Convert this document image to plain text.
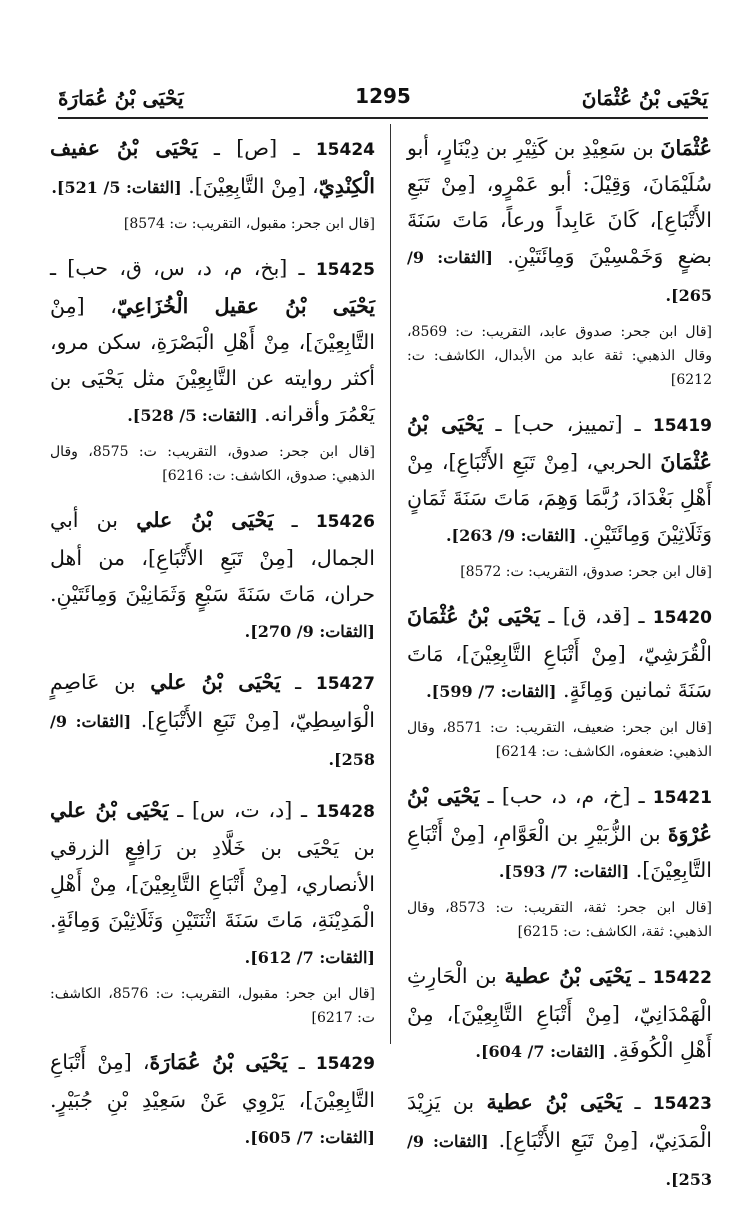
يَحْيَى بْنُ عُثْمَانَ
1295
يَحْيَى بْنُ عُمَارَةَ

عُثْمَانَ بن سَعِيْدِ بن كَثِيْرِ بن دِيْنَارٍ، أبو سُلَيْمَانَ، وَقِيْلَ: أبو عَمْرٍو، [مِنْ تَبَعِ الأَتْبَاعِ]، كَانَ عَابِداً ورعاً، مَاتَ سَنَةَ بضعٍ وَخَمْسِيْنَ وَمِائَتَيْنِ. [الثقات: 9/ 265].

[قال ابن جحر: صدوق عابد، التقريب: ت: 8569، وقال الذهبي: ثقة عابد من الأبدال، الكاشف: ت: 6212]

15419 ـ [تمييز، حب] ـ يَحْيَى بْنُ عُثْمَانَ الحربي، [مِنْ تَبَعِ الأَتْبَاعِ]، مِنْ أَهْلِ بَغْدَادَ، رُبَّمَا وَهِمَ، مَاتَ سَنَةَ ثَمَانٍ وَثَلَاثِيْنَ وَمِائَتَيْنِ. [الثقات: 9/ 263].

[قال ابن جحر: صدوق، التقريب: ت: 8572]

15420 ـ [قد، ق] ـ يَحْيَى بْنُ عُثْمَانَ الْقُرَشِيّ، [مِنْ أَتْبَاعِ التَّابِعِيْنَ]، مَاتَ سَنَةَ ثمانين وَمِائَةٍ. [الثقات: 7/ 599].

[قال ابن جحر: ضعيف، التقريب: ت: 8571، وقال الذهبي: ضعفوه، الكاشف: ت: 6214]

15421 ـ [خ، م، د، حب] ـ يَحْيَى بْنُ عُرْوَةَ بن الزُّبَيْرِ بن الْعَوَّامِ، [مِنْ أَتْبَاعِ التَّابِعِيْنَ]. [الثقات: 7/ 593].

[قال ابن جحر: ثقة، التقريب: ت: 8573، وقال الذهبي: ثقة، الكاشف: ت: 6215]

15422 ـ يَحْيَى بْنُ عطية بن الْحَارِثِ الْهَمْدَانِيّ، [مِنْ أَتْبَاعِ التَّابِعِيْنَ]، مِنْ أَهْلِ الْكُوفَةِ. [الثقات: 7/ 604].

15423 ـ يَحْيَى بْنُ عطية بن يَزِيْدَ الْمَدَنِيّ، [مِنْ تَبَعِ الأَتْبَاعِ]. [الثقات: 9/ 253].

15424 ـ [ص] ـ يَحْيَى بْنُ عفيف الْكِنْدِيّ، [مِنْ التَّابِعِيْنَ]. [الثقات: 5/ 521].

[قال ابن جحر: مقبول، التقريب: ت: 8574]

15425 ـ [بخ، م، د، س، ق، حب] ـ يَحْيَى بْنُ عقيل الْخُزَاعِيّ، [مِنْ التَّابِعِيْنَ]، مِنْ أَهْلِ الْبَصْرَةِ، سكن مرو، أكثر روايته عن التَّابِعِيْنَ مثل يَحْيَى بن يَعْمُرَ وأقرانه. [الثقات: 5/ 528].

[قال ابن جحر: صدوق، التقريب: ت: 8575، وقال الذهبي: صدوق، الكاشف: ت: 6216]

15426 ـ يَحْيَى بْنُ علي بن أبي الجمال، [مِنْ تَبَعِ الأَتْبَاعِ]، من أهل حران، مَاتَ سَنَةَ سَبْعٍ وَثَمَانِيْنَ وَمِائَتَيْنِ. [الثقات: 9/ 270].

15427 ـ يَحْيَى بْنُ علي بن عَاصِمٍ الْوَاسِطِيّ، [مِنْ تَبَعِ الأَتْبَاعِ]. [الثقات: 9/ 258].

15428 ـ [د، ت، س] ـ يَحْيَى بْنُ علي بن يَحْيَى بن خَلَّادِ بن رَافِعٍ الزرقي الأنصاري، [مِنْ أَتْبَاعِ التَّابِعِيْنَ]، مِنْ أَهْلِ الْمَدِيْنَةِ، مَاتَ سَنَةَ اثْنَتَيْنِ وَثَلَاثِيْنَ وَمِائَةٍ. [الثقات: 7/ 612].

[قال ابن جحر: مقبول، التقريب: ت: 8576، الكاشف: ت: 6217]

15429 ـ يَحْيَى بْنُ عُمَارَةَ، [مِنْ أَتْبَاعِ التَّابِعِيْنَ]، يَرْوِي عَنْ سَعِيْدِ بْنِ جُبَيْرٍ. [الثقات: 7/ 605].
